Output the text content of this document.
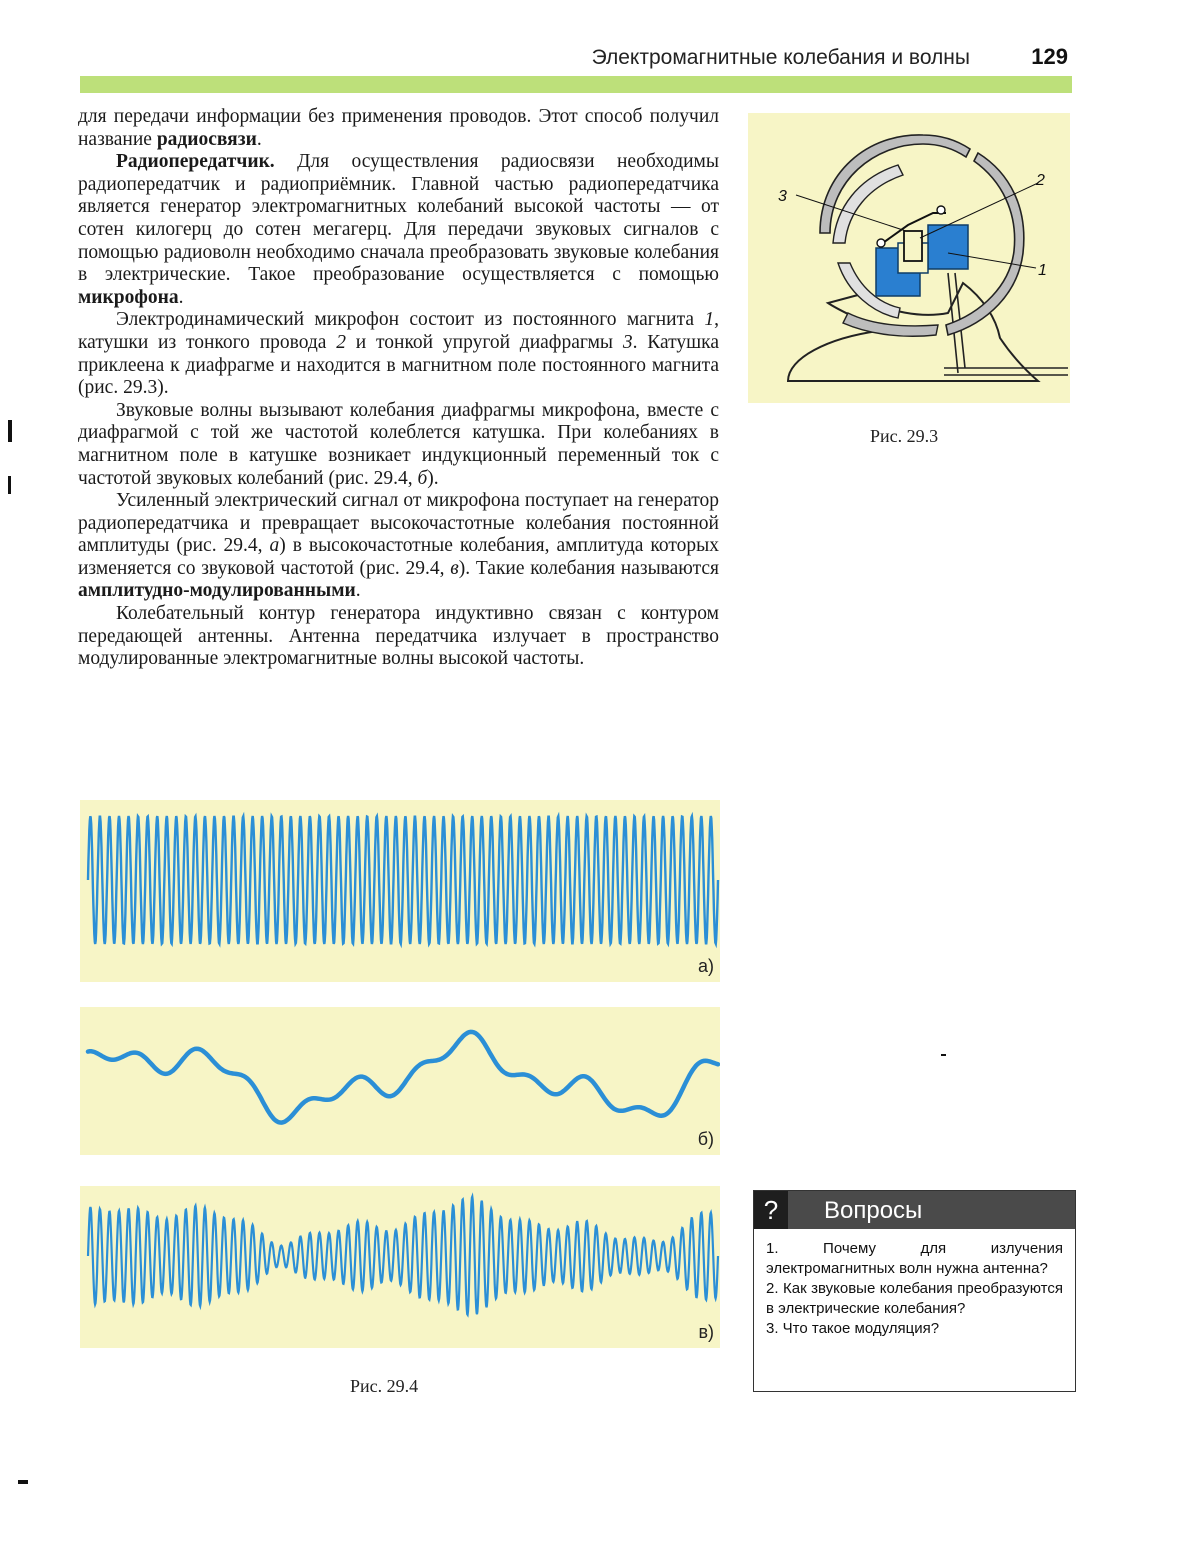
Электромагнитные колебания и волны	129

для передачи информации без применения проводов. Этот способ получил название радиосвязи.

Радиопередатчик. Для осуществления радиосвязи необходимы радиопередатчик и радиоприёмник. Главной частью радиопередатчика является генератор электромагнитных колебаний высокой частоты — от сотен килогерц до сотен мегагерц. Для передачи звуковых сигналов с помощью радиоволн необходимо сначала преобразовать звуковые колебания в электрические. Такое преобразование осуществляется с помощью микрофона.

Электродинамический микрофон состоит из постоянного магнита 1, катушки из тонкого провода 2 и тонкой упругой диафрагмы 3. Катушка приклеена к диафрагме и находится в магнитном поле постоянного магнита (рис. 29.3).

Звуковые волны вызывают колебания диафрагмы микрофона, вместе с диафрагмой с той же частотой колеблется катушка. При колебаниях в магнитном поле в катушке возникает индукционный переменный ток с частотой звуковых колебаний (рис. 29.4, б).

Усиленный электрический сигнал от микрофона поступает на генератор радиопередатчика и превращает высокочастотные колебания постоянной амплитуды (рис. 29.4, а) в высокочастотные колебания, амплитуда которых изменяется со звуковой частотой (рис. 29.4, в). Такие колебания называются амплитудно-модулированными.

Колебательный контур генератора индуктивно связан с контуром передающей антенны. Антенна передатчика излучает в пространство модулированные электромагнитные волны высокой частоты.

3
2
1
Рис. 29.3
а)
б)
в)
Рис. 29.4
?	Вопросы
1. Почему для излучения электромагнитных волн нужна антенна?
2. Как звуковые колебания преобразуются в электрические колебания?
3. Что такое модуляция?
